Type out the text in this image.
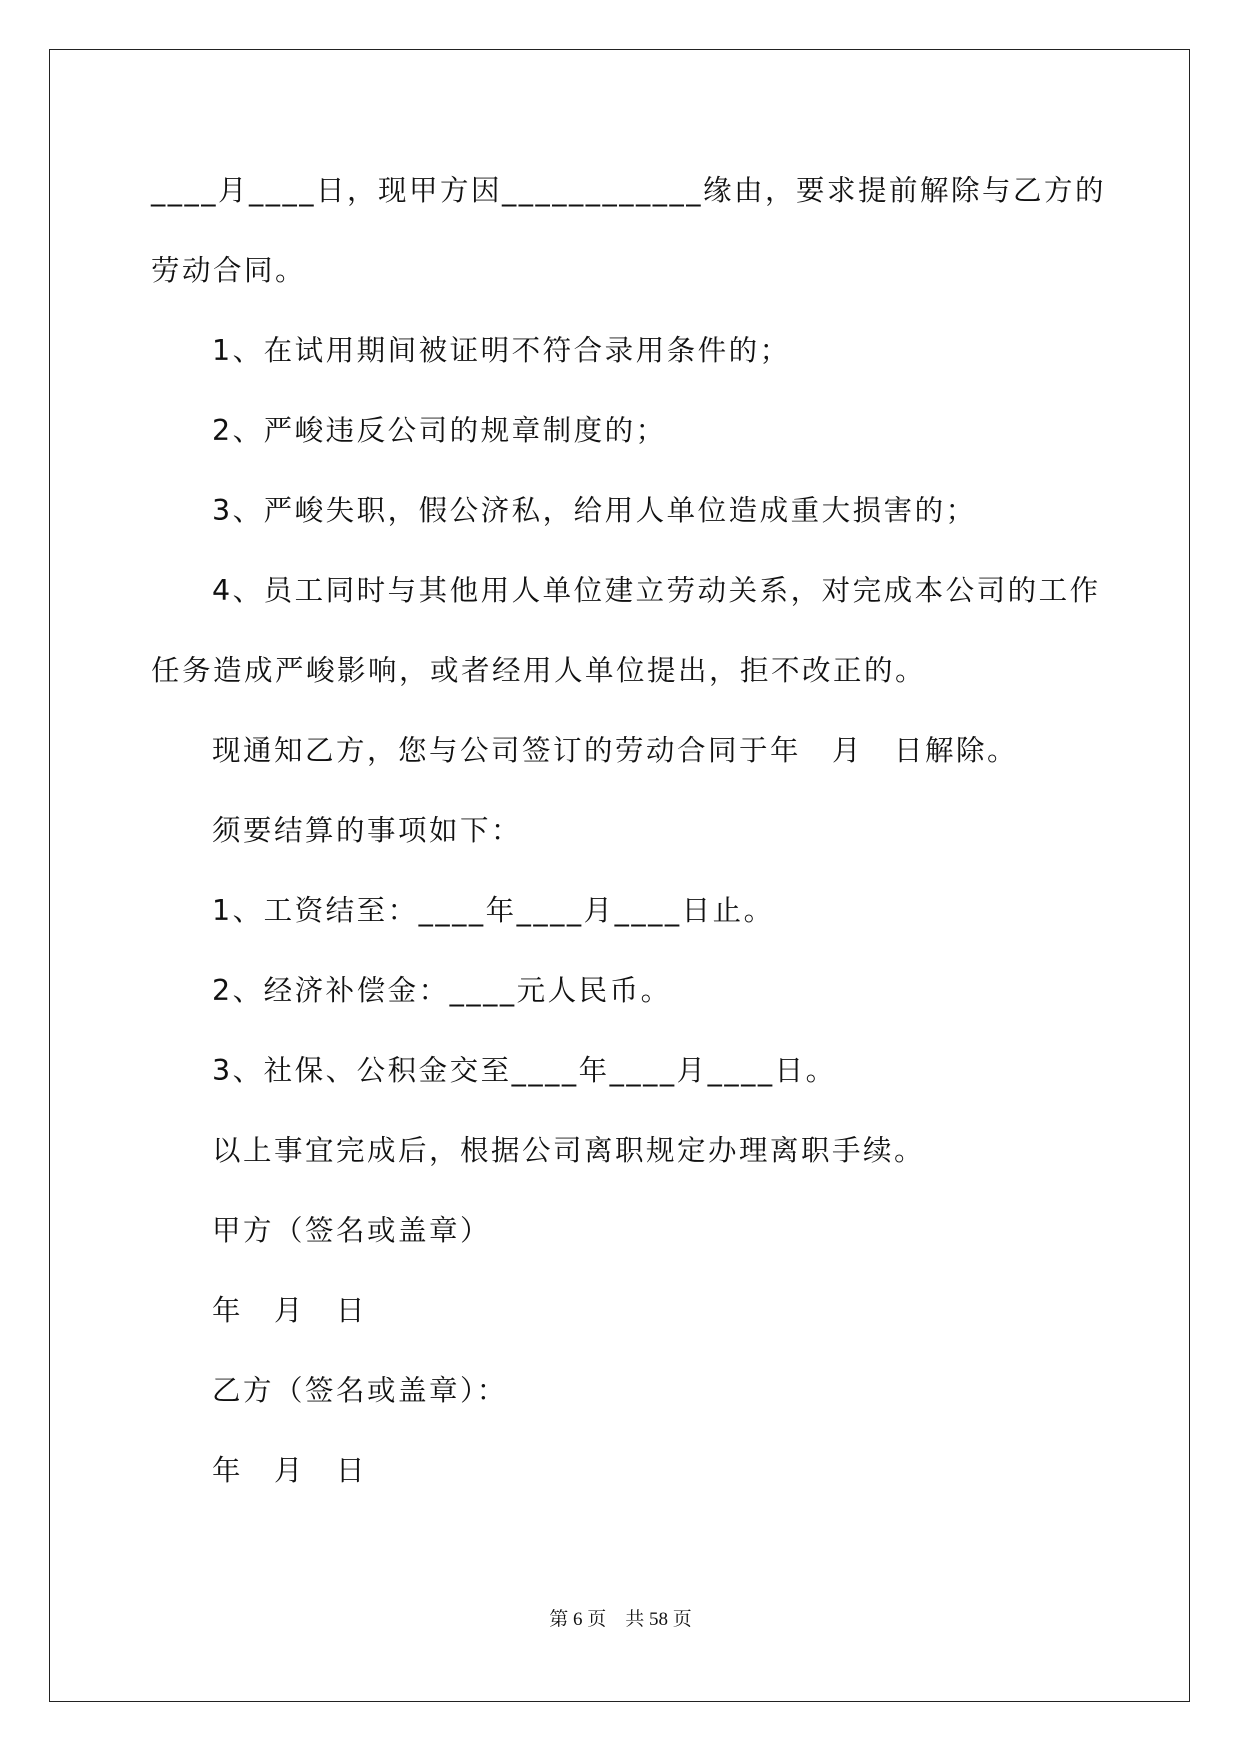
____月____日，现甲方因____________缘由，要求提前解除与乙方的
劳动合同。
1、在试用期间被证明不符合录用条件的；
2、严峻违反公司的规章制度的；
3、严峻失职，假公济私，给用人单位造成重大损害的；
4、员工同时与其他用人单位建立劳动关系，对完成本公司的工作
任务造成严峻影响，或者经用人单位提出，拒不改正的。
现通知乙方，您与公司签订的劳动合同于年　月　日解除。
须要结算的事项如下：
1、工资结至：____年____月____日止。
2、经济补偿金：____元人民币。
3、社保、公积金交至____年____月____日。
以上事宜完成后，根据公司离职规定办理离职手续。
甲方（签名或盖章）
年　月　日
乙方（签名或盖章）：
年　月　日
第 6 页　共 58 页
